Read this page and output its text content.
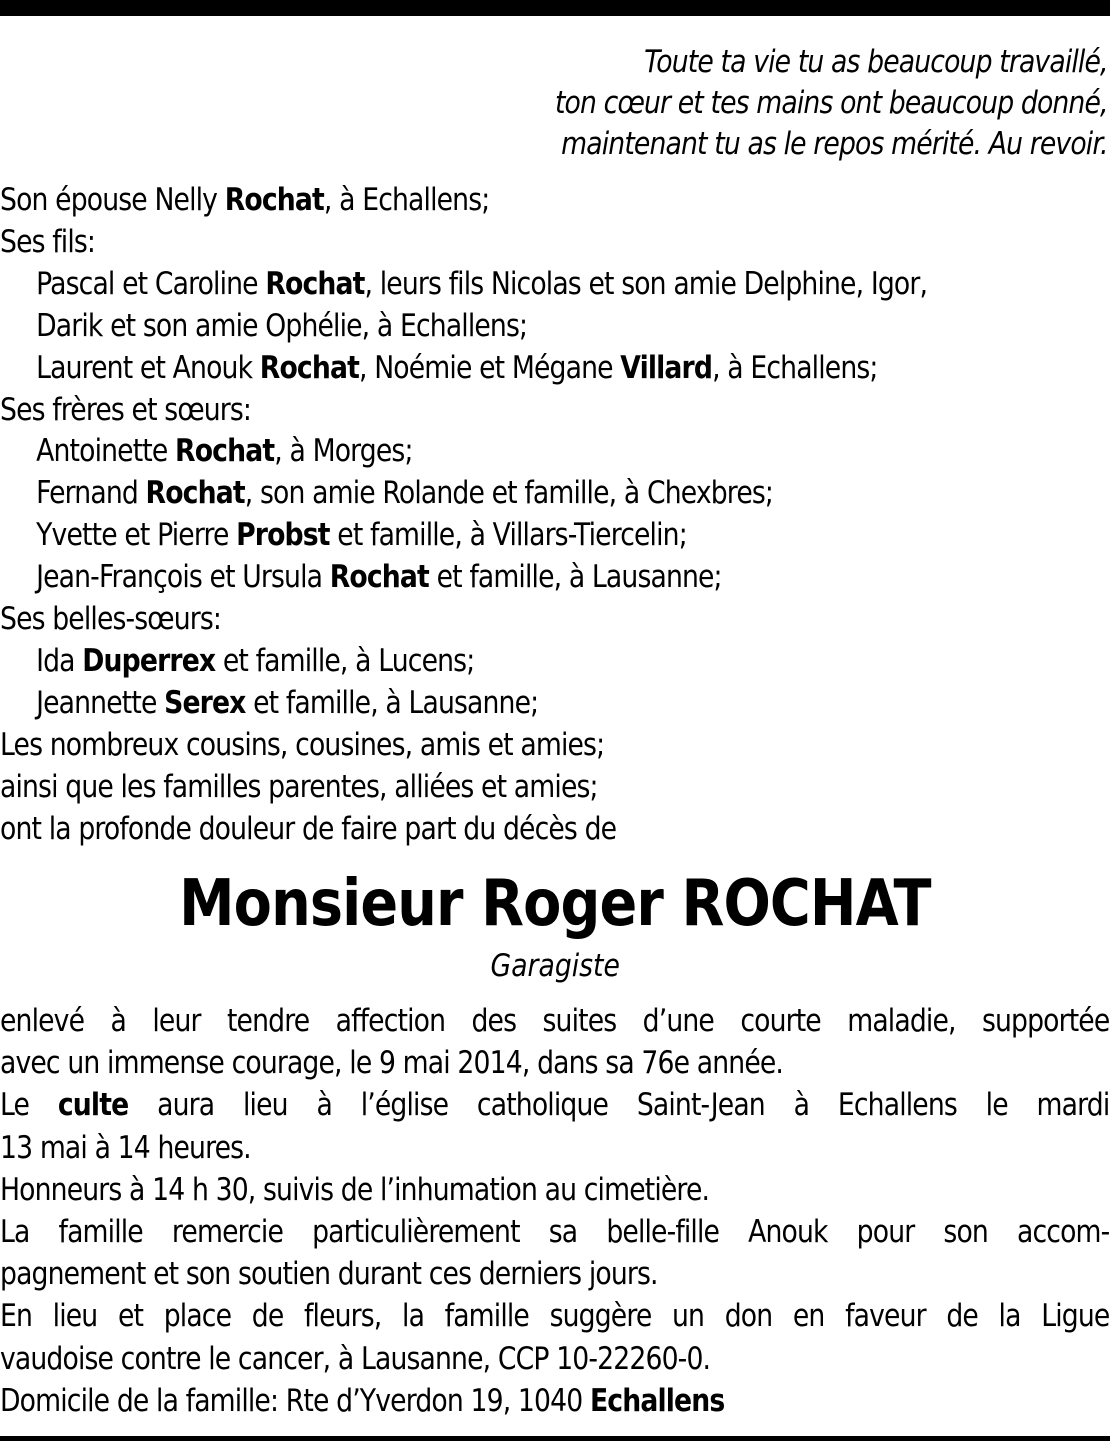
Toute ta vie tu as beaucoup travaillé,
ton cœur et tes mains ont beaucoup donné,
maintenant tu as le repos mérité. Au revoir.
Son épouse Nelly Rochat, à Echallens;
Ses fils:
Pascal et Caroline Rochat, leurs fils Nicolas et son amie Delphine, Igor,
Darik et son amie Ophélie, à Echallens;
Laurent et Anouk Rochat, Noémie et Mégane Villard, à Echallens;
Ses frères et sœurs:
Antoinette Rochat, à Morges;
Fernand Rochat, son amie Rolande et famille, à Chexbres;
Yvette et Pierre Probst et famille, à Villars-Tiercelin;
Jean-François et Ursula Rochat et famille, à Lausanne;
Ses belles-sœurs:
Ida Duperrex et famille, à Lucens;
Jeannette Serex et famille, à Lausanne;
Les nombreux cousins, cousines, amis et amies;
ainsi que les familles parentes, alliées et amies;
ont la profonde douleur de faire part du décès de
Monsieur Roger ROCHAT
Garagiste
enlevé à leur tendre affection des suites d’une courte maladie, supportée
avec un immense courage, le 9 mai 2014, dans sa 76e année.
Le culte aura lieu à l’église catholique Saint-Jean à Echallens le mardi
13 mai à 14 heures.
Honneurs à 14 h 30, suivis de l’inhumation au cimetière.
La famille remercie particulièrement sa belle-fille Anouk pour son accom-
pagnement et son soutien durant ces derniers jours.
En lieu et place de fleurs, la famille suggère un don en faveur de la Ligue
vaudoise contre le cancer, à Lausanne, CCP 10-22260-0.
Domicile de la famille: Rte d’Yverdon 19, 1040 Echallens
